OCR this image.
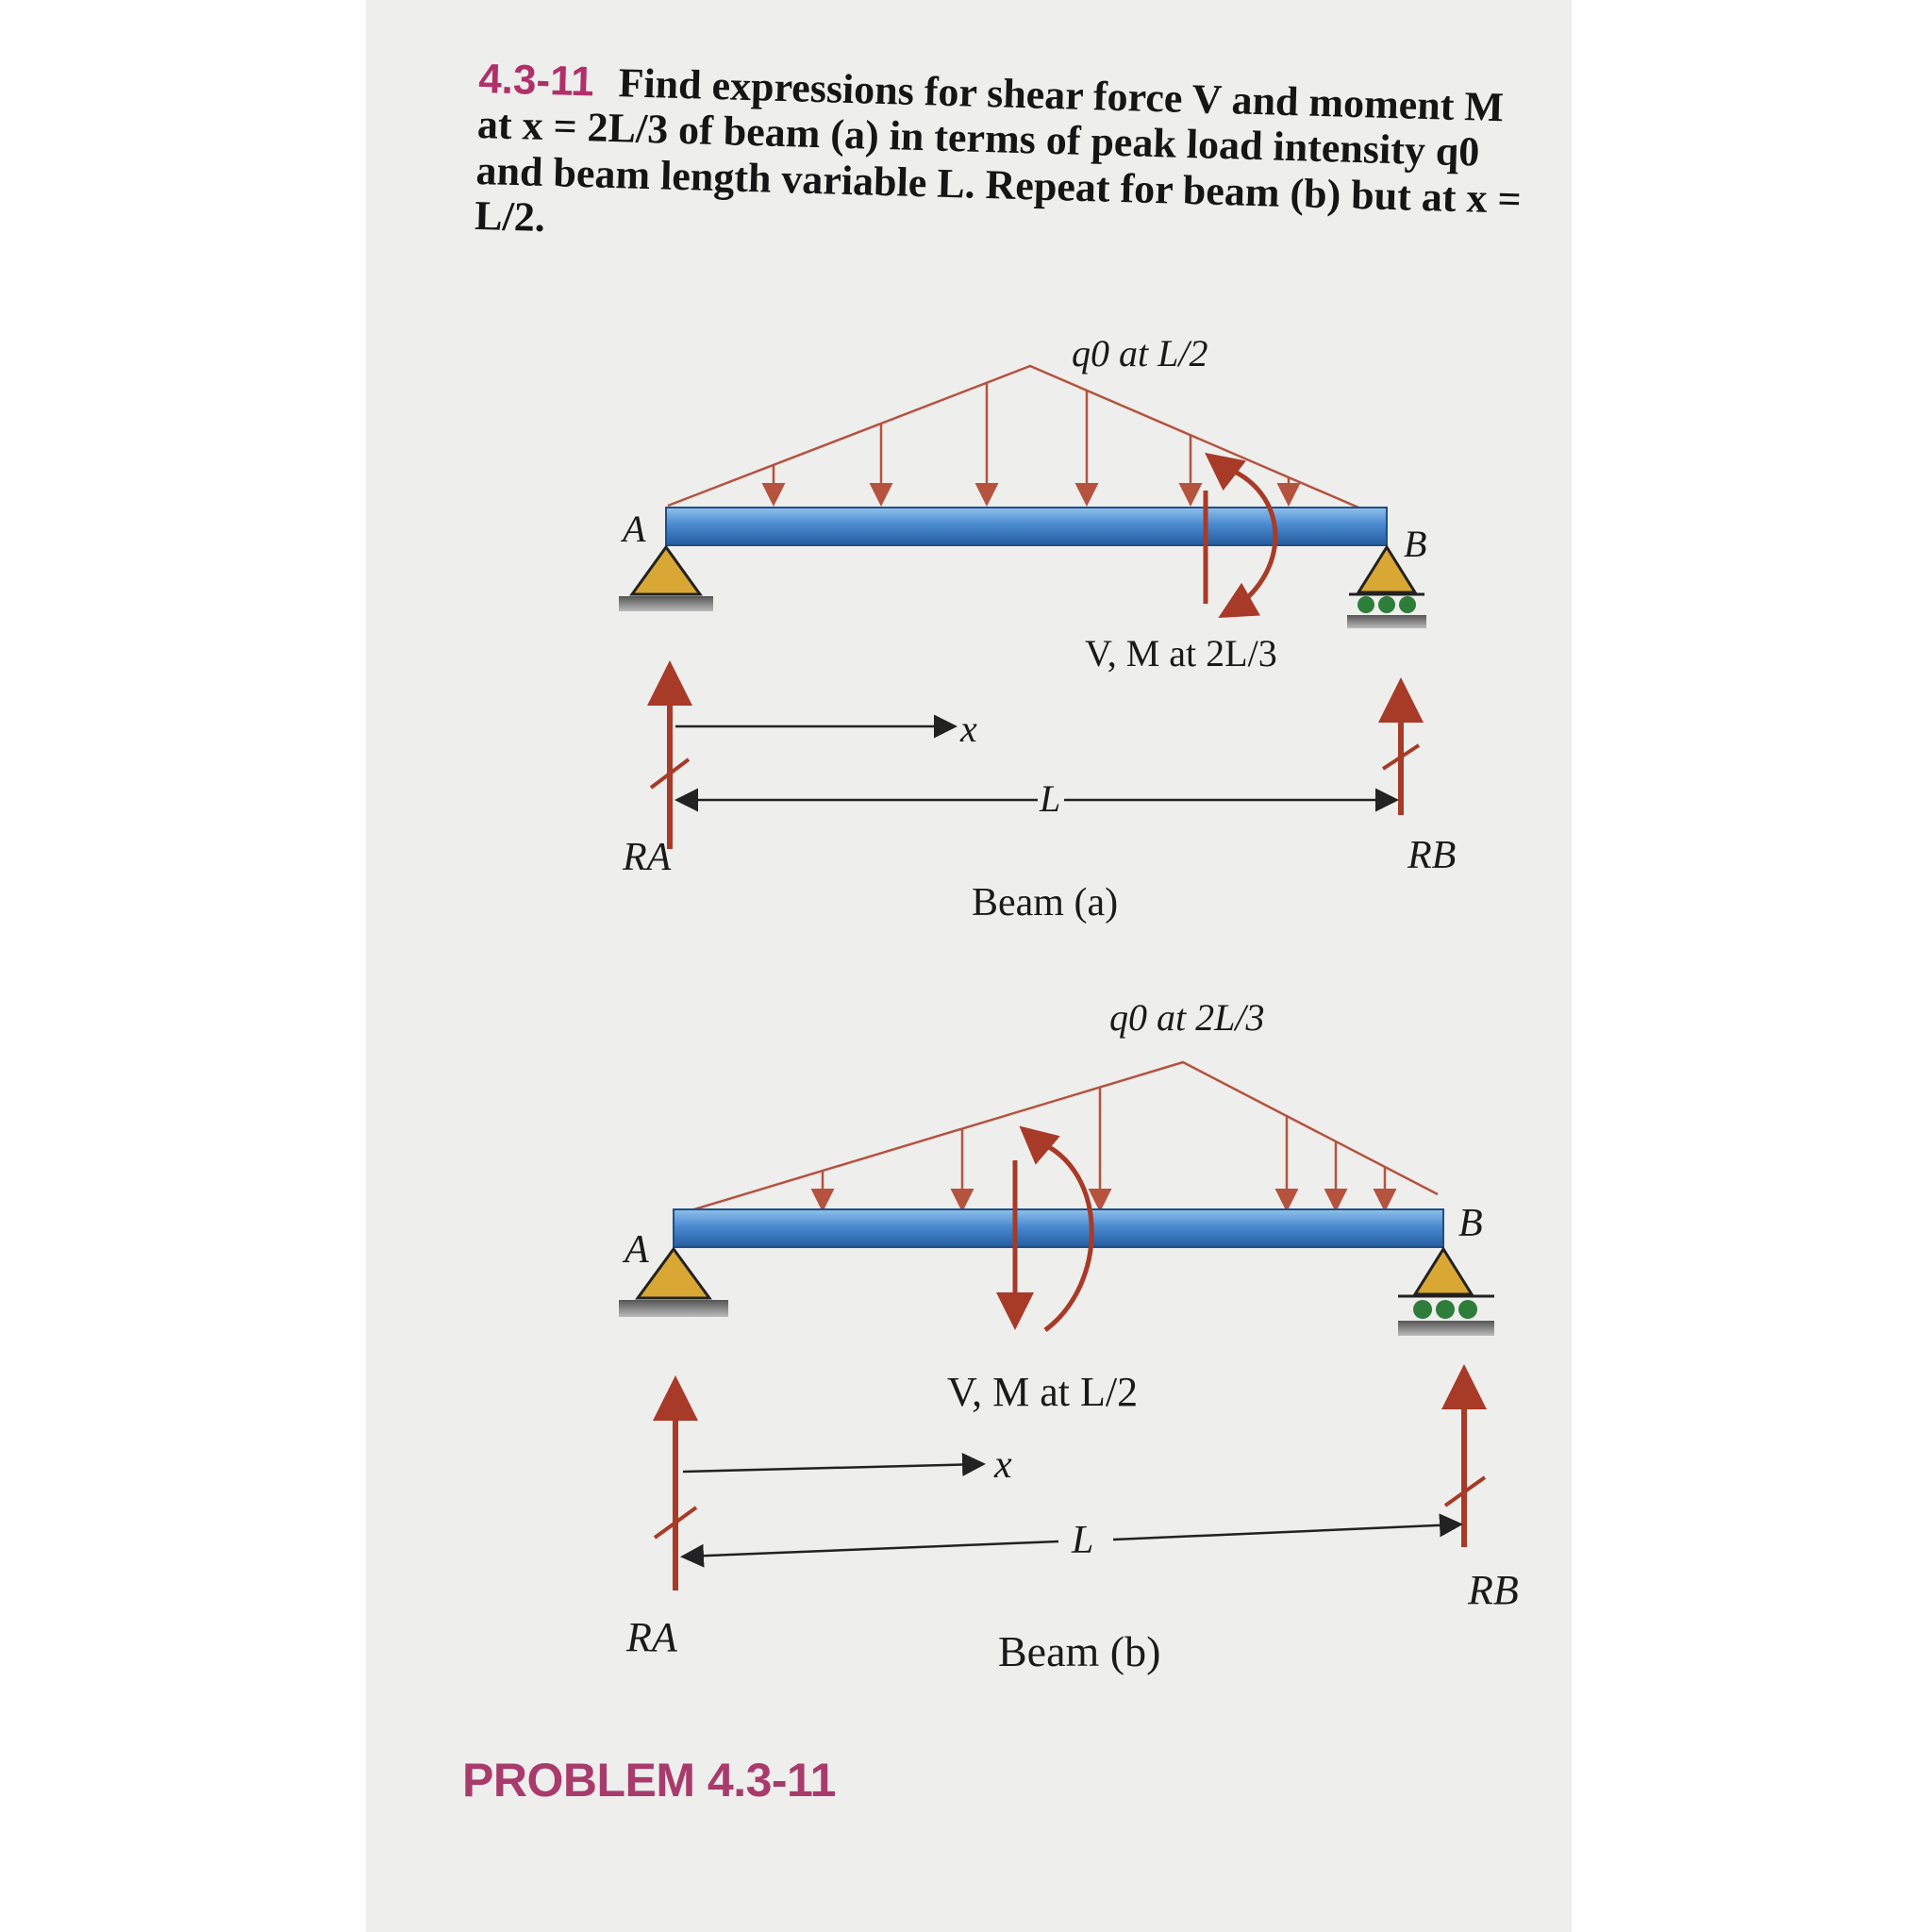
4.3-11 Find expressions for shear force V and moment M at x = 2L/3 of beam (a) in terms of peak load intensity q0 and beam length variable L. Repeat for beam (b) but at x = L/2.
q0 at L/2
V, M at 2L/3
A	B
x
L
RA	RB
Beam (a)
q0 at 2L/3
V, M at L/2
A
B
x
L
RA
RB
Beam (b)
PROBLEM 4.3-11
